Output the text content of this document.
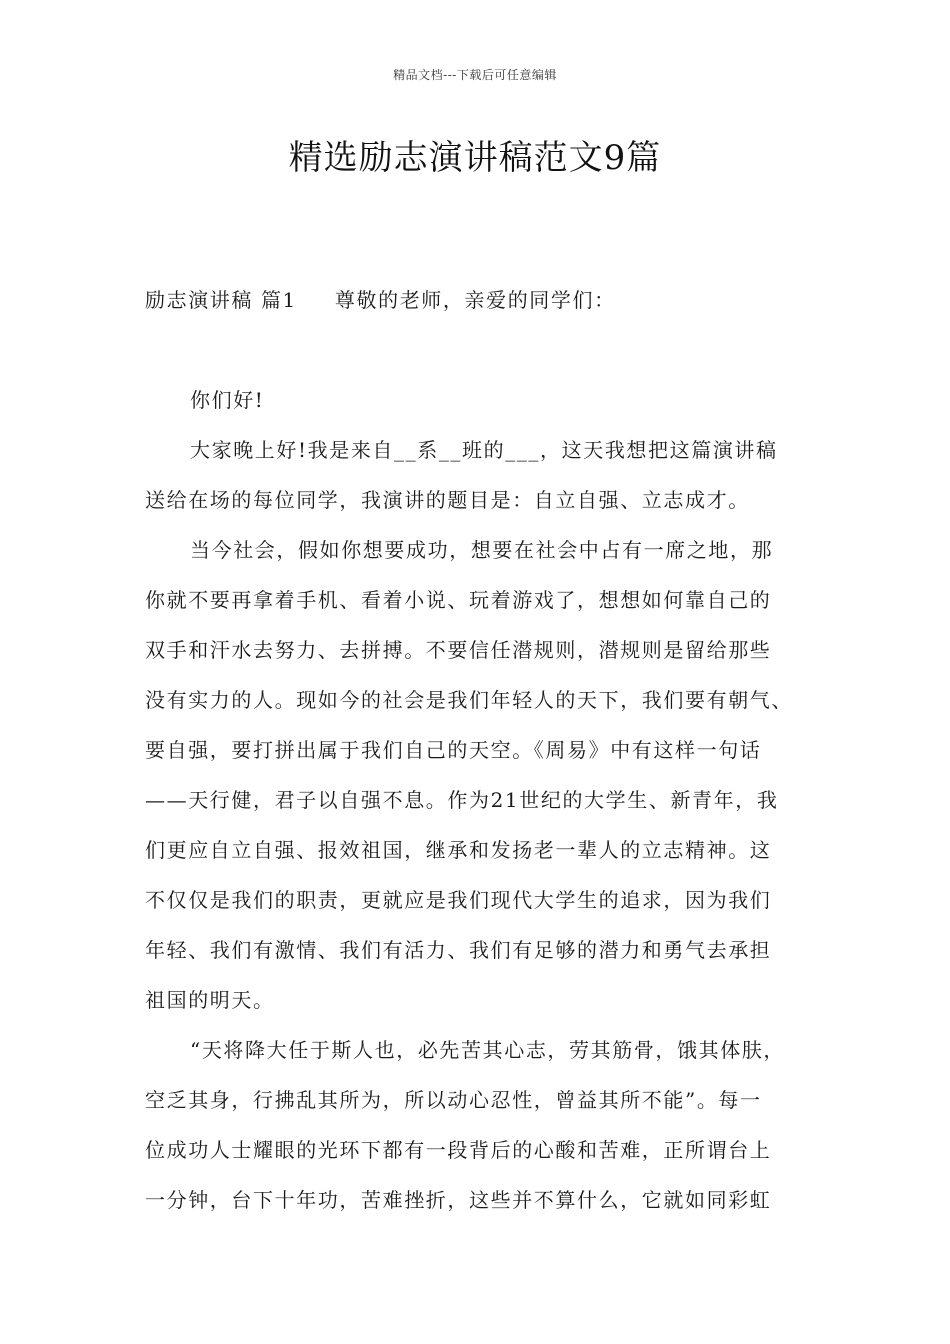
精品文档---下载后可任意编辑
精选励志演讲稿范文9篇
励志演讲稿 篇1 尊敬的老师，亲爱的同学们：
你们好!
大家晚上好!我是来自__系__班的___，这天我想把这篇演讲稿
送给在场的每位同学，我演讲的题目是：自立自强、立志成才。
当今社会，假如你想要成功，想要在社会中占有一席之地，那
你就不要再拿着手机、看着小说、玩着游戏了，想想如何靠自己的
双手和汗水去努力、去拼搏。不要信任潜规则，潜规则是留给那些
没有实力的人。现如今的社会是我们年轻人的天下，我们要有朝气、
要自强，要打拼出属于我们自己的天空。《周易》中有这样一句话
——天行健，君子以自强不息。作为21世纪的大学生、新青年，我
们更应自立自强、报效祖国，继承和发扬老一辈人的立志精神。这
不仅仅是我们的职责，更就应是我们现代大学生的追求，因为我们
年轻、我们有激情、我们有活力、我们有足够的潜力和勇气去承担
祖国的明天。
“天将降大任于斯人也，必先苦其心志，劳其筋骨，饿其体肤，
空乏其身，行拂乱其所为，所以动心忍性，曾益其所不能”。每一
位成功人士耀眼的光环下都有一段背后的心酸和苦难，正所谓台上
一分钟，台下十年功，苦难挫折，这些并不算什么，它就如同彩虹
